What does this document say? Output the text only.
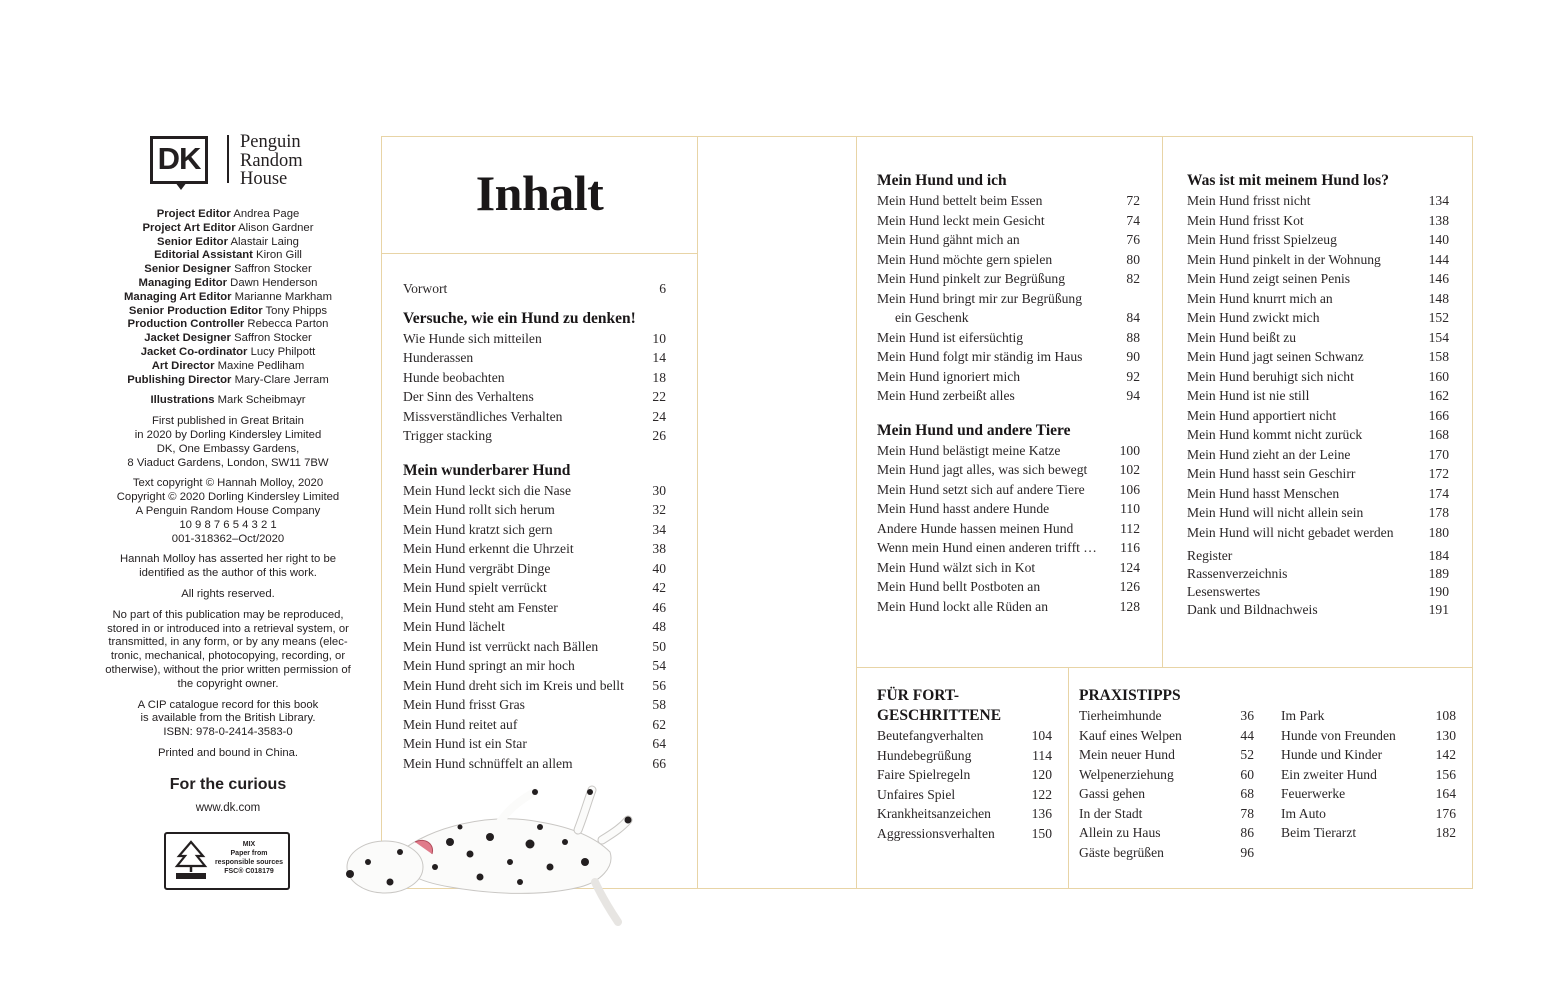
DK	Penguin
Random
House
Project Editor Andrea Page
Project Art Editor Alison Gardner
Senior Editor Alastair Laing
Editorial Assistant Kiron Gill
Senior Designer Saffron Stocker
Managing Editor Dawn Henderson
Managing Art Editor Marianne Markham
Senior Production Editor Tony Phipps
Production Controller Rebecca Parton
Jacket Designer Saffron Stocker
Jacket Co-ordinator Lucy Philpott
Art Director Maxine Pedliham
Publishing Director Mary-Clare Jerram
Illustrations Mark Scheibmayr
First published in Great Britain
in 2020 by Dorling Kindersley Limited
DK, One Embassy Gardens,
8 Viaduct Gardens, London, SW11 7BW
Text copyright © Hannah Molloy, 2020
Copyright © 2020 Dorling Kindersley Limited
A Penguin Random House Company
10 9 8 7 6 5 4 3 2 1
001-318362–Oct/2020
Hannah Molloy has asserted her right to be
identified as the author of this work.
All rights reserved.
No part of this publication may be reproduced,
stored in or introduced into a retrieval system, or
transmitted, in any form, or by any means (elec-
tronic, mechanical, photocopying, recording, or
otherwise), without the prior written permission of
the copyright owner.
A CIP catalogue record for this book
is available from the British Library.
ISBN: 978-0-2414-3583-0
Printed and bound in China.
For the curious
www.dk.com
MIX
Paper from
responsible sources
FSC® C018179
Inhalt
Vorwort	6
Versuche, wie ein Hund zu denken!
Wie Hunde sich mitteilen	10
Hunderassen	14
Hunde beobachten	18
Der Sinn des Verhaltens	22
Missverständliches Verhalten	24
Trigger stacking	26
Mein wunderbarer Hund
Mein Hund leckt sich die Nase	30
Mein Hund rollt sich herum	32
Mein Hund kratzt sich gern	34
Mein Hund erkennt die Uhrzeit	38
Mein Hund vergräbt Dinge	40
Mein Hund spielt verrückt	42
Mein Hund steht am Fenster	46
Mein Hund lächelt	48
Mein Hund ist verrückt nach Bällen	50
Mein Hund springt an mir hoch	54
Mein Hund dreht sich im Kreis und bellt 56
Mein Hund frisst Gras	58
Mein Hund reitet auf	62
Mein Hund ist ein Star	64
Mein Hund schnüffelt an allem	66
Mein Hund und ich
Mein Hund bettelt beim Essen	72
Mein Hund leckt mein Gesicht	74
Mein Hund gähnt mich an	76
Mein Hund möchte gern spielen	80
Mein Hund pinkelt zur Begrüßung	82
Mein Hund bringt mir zur Begrüßung
ein Geschenk	84
Mein Hund ist eifersüchtig	88
Mein Hund folgt mir ständig im Haus	90
Mein Hund ignoriert mich	92
Mein Hund zerbeißt alles	94
Mein Hund und andere Tiere
Mein Hund belästigt meine Katze	100
Mein Hund jagt alles, was sich bewegt 102
Mein Hund setzt sich auf andere Tiere	106
Mein Hund hasst andere Hunde	110
Andere Hunde hassen meinen Hund	112
Wenn mein Hund einen anderen trifft … 116
Mein Hund wälzt sich in Kot	124
Mein Hund bellt Postboten an	126
Mein Hund lockt alle Rüden an	128
Was ist mit meinem Hund los?
Mein Hund frisst nicht	134
Mein Hund frisst Kot	138
Mein Hund frisst Spielzeug	140
Mein Hund pinkelt in der Wohnung	144
Mein Hund zeigt seinen Penis	146
Mein Hund knurrt mich an	148
Mein Hund zwickt mich	152
Mein Hund beißt zu	154
Mein Hund jagt seinen Schwanz	158
Mein Hund beruhigt sich nicht	160
Mein Hund ist nie still	162
Mein Hund apportiert nicht	166
Mein Hund kommt nicht zurück	168
Mein Hund zieht an der Leine	170
Mein Hund hasst sein Geschirr	172
Mein Hund hasst Menschen	174
Mein Hund will nicht allein sein	178
Mein Hund will nicht gebadet werden	180
Register	184
Rassenverzeichnis	189
Lesenswertes	190
Dank und Bildnachweis	191
FÜR FORT-
GESCHRITTENE
Beutefangverhalten	104
Hundebegrüßung	114
Faire Spielregeln	120
Unfaires Spiel	122
Krankheitsanzeichen	136
Aggressionsverhalten	150
PRAXISTIPPS
Tierheimhunde	36
Kauf eines Welpen	44
Mein neuer Hund	52
Welpenerziehung	60
Gassi gehen	68
In der Stadt	78
Allein zu Haus	86
Gäste begrüßen	96
Im Park	108
Hunde von Freunden	130
Hunde und Kinder	142
Ein zweiter Hund	156
Feuerwerke	164
Im Auto	176
Beim Tierarzt	182
